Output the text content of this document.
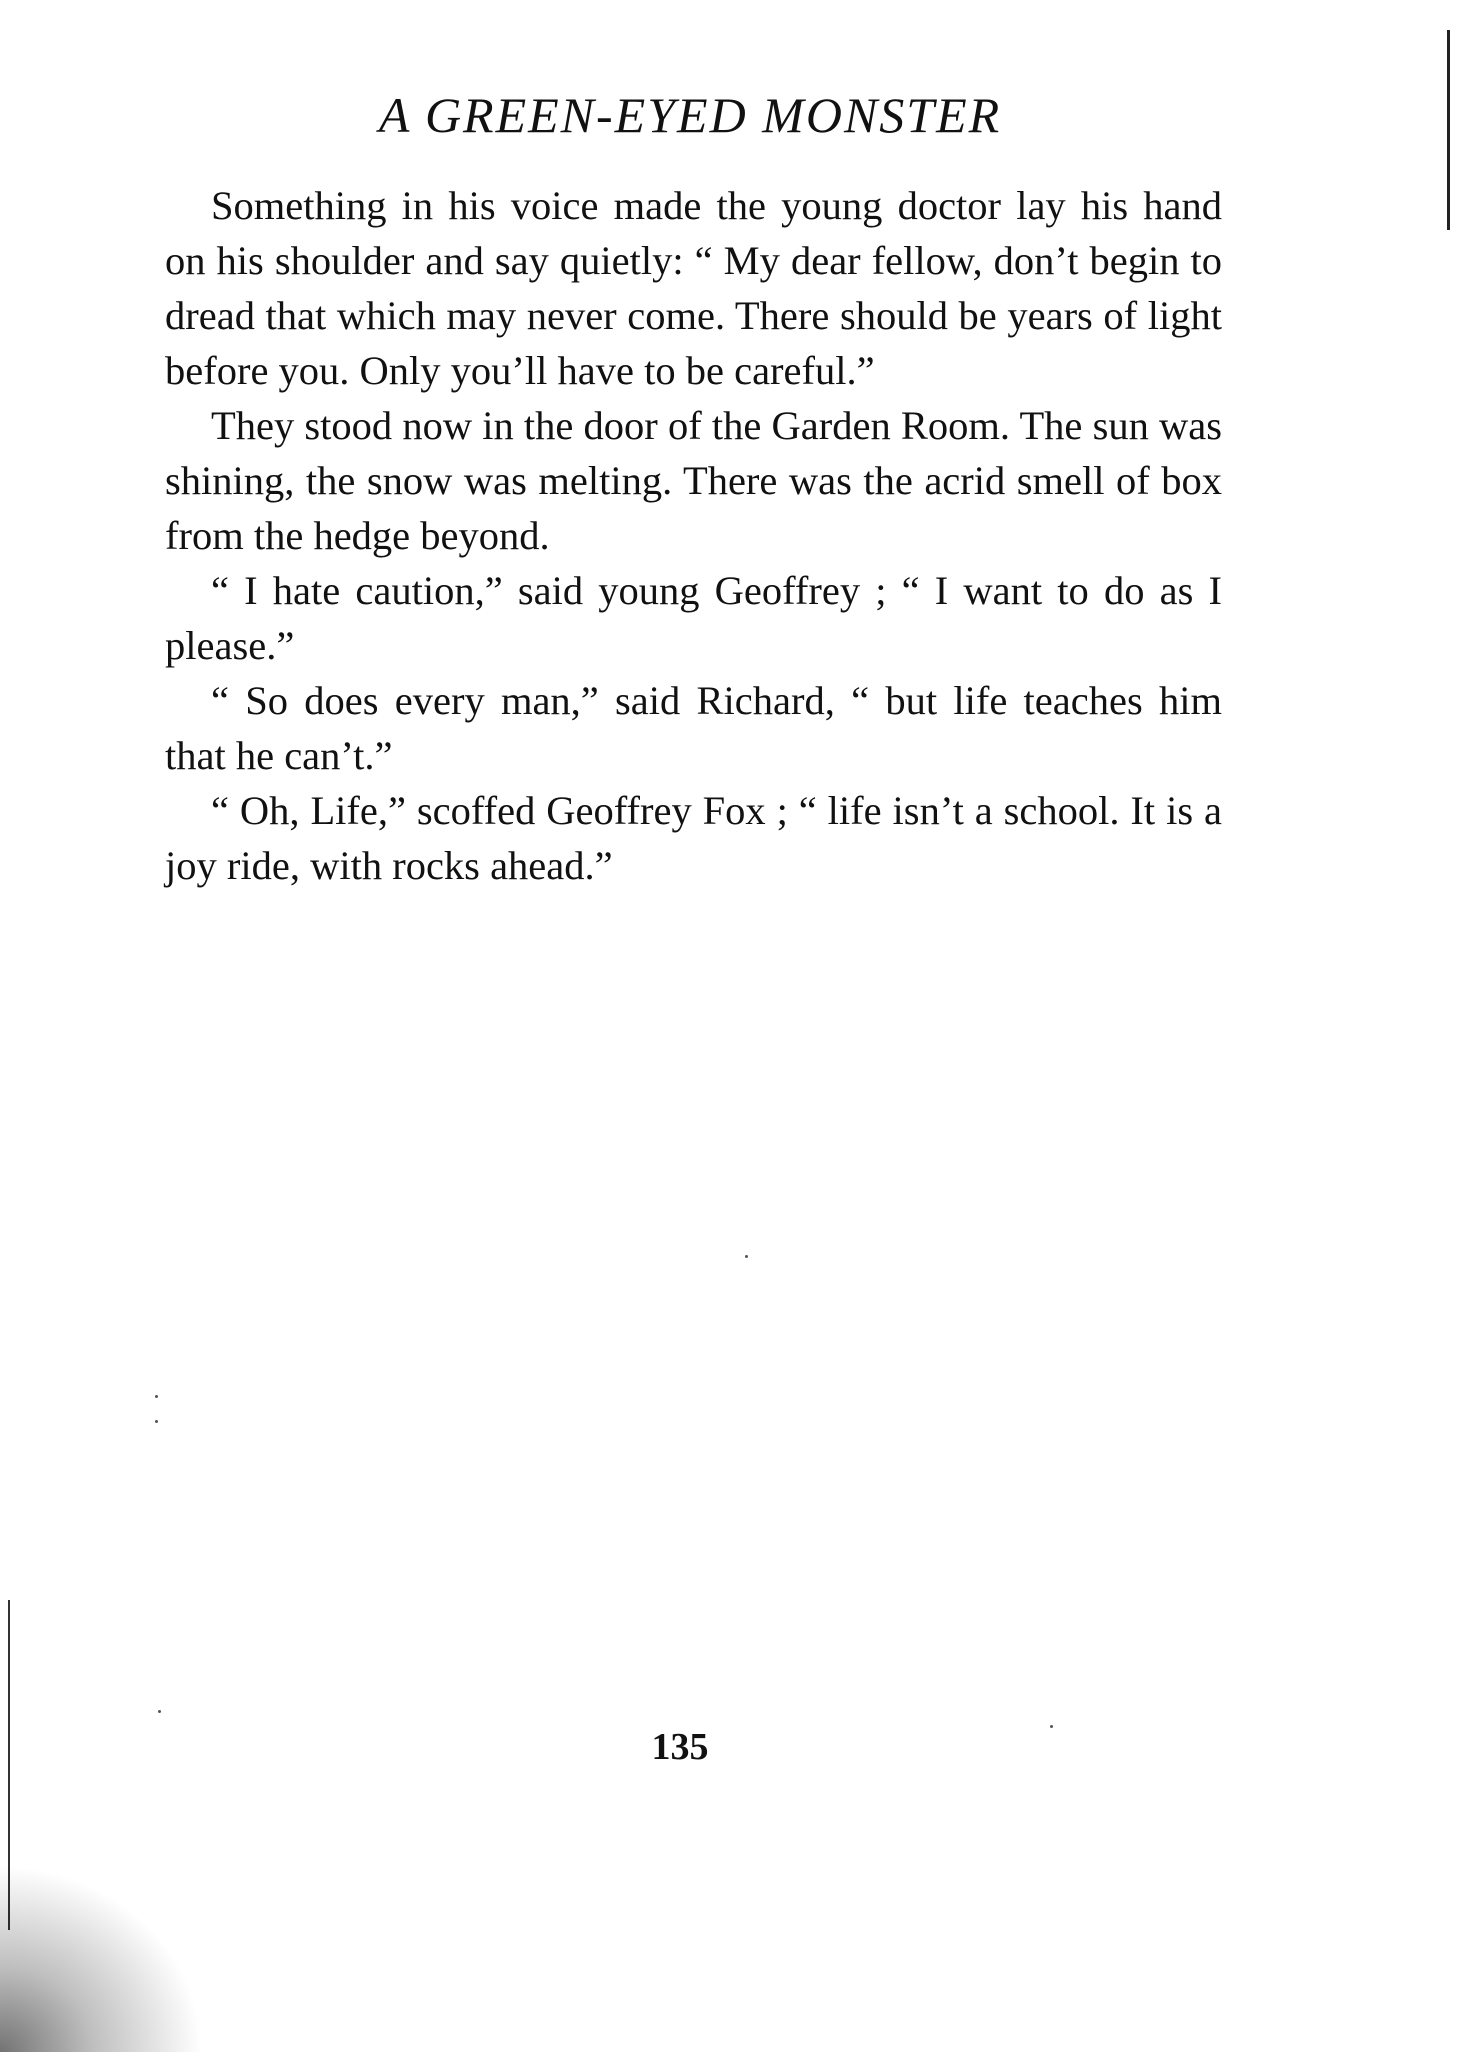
A GREEN-EYED MONSTER

Something in his voice made the young doctor lay his hand on his shoulder and say quietly: “ My dear fellow, don’t begin to dread that which may never come. There should be years of light before you. Only you’ll have to be careful.”

They stood now in the door of the Garden Room. The sun was shining, the snow was melting. There was the acrid smell of box from the hedge beyond.

“ I hate caution,” said young Geoffrey ; “ I want to do as I please.”

“ So does every man,” said Richard, “ but life teaches him that he can’t.”

“ Oh, Life,” scoffed Geoffrey Fox ; “ life isn’t a school. It is a joy ride, with rocks ahead.”

135
